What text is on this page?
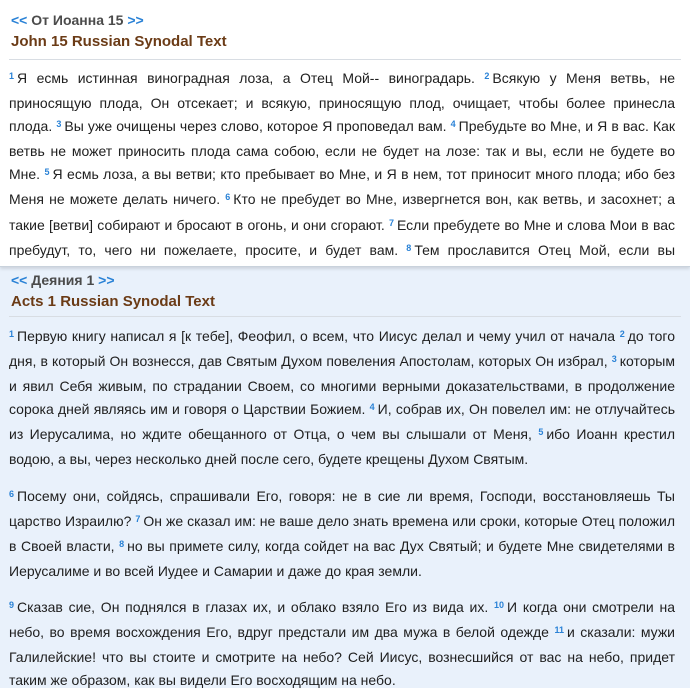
<< От Иоанна 15 >>
John 15 Russian Synodal Text

$^1$ Я есмь истинная виноградная лоза, а Отец Мой-- виноградарь. $^2$ Всякую у Меня ветвь, не приносящую плода, Он отсекает; и всякую, приносящую плод, очищает, чтобы более принесла плода. $^3$ Вы уже очищены через слово, которое Я проповедал вам. $^4$ Пребудьте во Мне, и Я в вас. Как ветвь не может приносить плода сама собою, если не будет на лозе: так и вы, если не будете во Мне. $^5$ Я есмь лоза, а вы ветви; кто пребывает во Мне, и Я в нем, тот приносит много плода; ибо без Меня не можете делать ничего. $^6$ Кто не пребудет во Мне, извергнется вон, как ветвь, и засохнет; а такие [ветви] собирают и бросают в огонь, и они сгорают. $^7$ Если пребудете во Мне и слова Мои в вас пребудут, то, чего ни пожелаете, просите, и будет вам. $^8$ Тем прославится Отец Мой, если вы

<< Деяния 1 >>
Acts 1 Russian Synodal Text

$^1$ Первую книгу написал я [к тебе], Феофил, о всем, что Иисус делал и чему учил от начала $^2$ до того дня, в который Он вознесся, дав Святым Духом повеления Апостолам, которых Он избрал, $^3$ которым и явил Себя живым, по страдании Своем, со многими верными доказательствами, в продолжение сорока дней являясь им и говоря о Царствии Божием. $^4$ И, собрав их, Он повелел им: не отлучайтесь из Иерусалима, но ждите обещанного от Отца, о чем вы слышали от Меня, $^5$ ибо Иоанн крестил водою, а вы, через несколько дней после сего, будете крещены Духом Святым.

$^6$ Посему они, сойдясь, спрашивали Его, говоря: не в сие ли время, Господи, восстановляешь Ты царство Израилю? $^7$ Он же сказал им: не ваше дело знать времена или сроки, которые Отец положил в Своей власти, $^8$ но вы примете силу, когда сойдет на вас Дух Святый; и будете Мне свидетелями в Иерусалиме и во всей Иудее и Самарии и даже до края земли.

$^9$ Сказав сие, Он поднялся в глазах их, и облако взяло Его из вида их. $^{10}$ И когда они смотрели на небо, во время восхождения Его, вдруг предстали им два мужа в белой одежде $^{11}$ и сказали: мужи Галилейские! что вы стоите и смотрите на небо? Сей Иисус, вознесшийся от вас на небо, придет таким же образом, как вы видели Его восходящим на небо.
